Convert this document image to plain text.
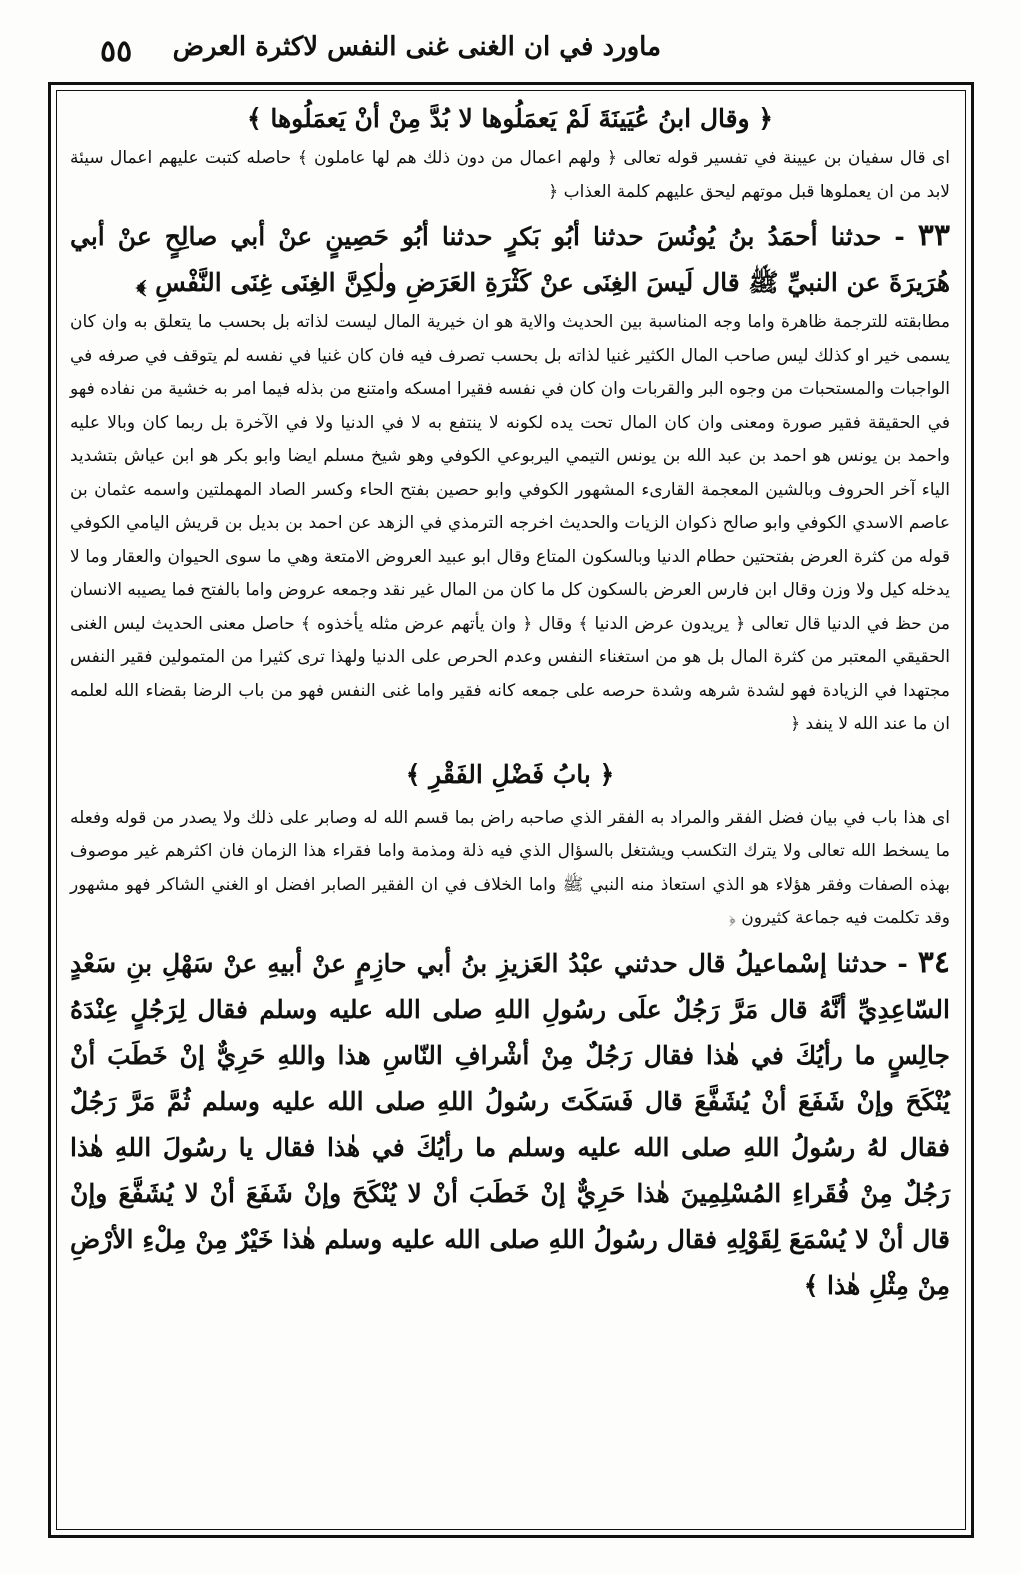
ماورد في ان الغنى غنى النفس لاكثرة العرض
٥٥

﴿ وقال ابنُ عُيَينَةَ لَمْ يَعمَلُوها لا بُدَّ مِنْ أنْ يَعمَلُوها ﴾

اى قال سفيان بن عيينة في تفسير قوله تعالى ﴿ ولهم اعمال من دون ذلك هم لها عاملون ﴾ حاصله كتبت عليهم اعمال سيئة لابد من ان يعملوها قبل موتهم ليحق عليهم كلمة العذاب ﴿

٣٣ - حدثنا أحمَدُ بنُ يُونُسَ حدثنا أبُو بَكرٍ حدثنا أبُو حَصِينٍ عنْ أبي صالِحٍ عنْ أبي هُرَيرَةَ عن النبيِّ ﷺ قال لَيسَ الغِنَى عنْ كَثْرَةِ العَرَضِ ولٰكِنَّ الغِنَى غِنَى النَّفْسِ ﴾

مطابقته للترجمة ظاهرة واما وجه المناسبة بين الحديث والاية هو ان خيرية المال ليست لذاته بل بحسب ما يتعلق به وان كان يسمى خير او كذلك ليس صاحب المال الكثير غنيا لذاته بل بحسب تصرف فيه فان كان غنيا في نفسه لم يتوقف في صرفه في الواجبات والمستحبات من وجوه البر والقربات وان كان في نفسه فقيرا امسكه وامتنع من بذله فيما امر به خشية من نفاده فهو في الحقيقة فقير صورة ومعنى وان كان المال تحت يده لكونه لا ينتفع به لا في الدنيا ولا في الآخرة بل ربما كان وبالا عليه واحمد بن يونس هو احمد بن عبد الله بن يونس التيمي اليربوعي الكوفي وهو شيخ مسلم ايضا وابو بكر هو ابن عياش بتشديد الياء آخر الحروف وبالشين المعجمة القارىء المشهور الكوفي وابو حصين بفتح الحاء وكسر الصاد المهملتين واسمه عثمان بن عاصم الاسدي الكوفي وابو صالح ذكوان الزيات والحديث اخرجه الترمذي في الزهد عن احمد بن بديل بن قريش اليامي الكوفي قوله من كثرة العرض بفتحتين حطام الدنيا وبالسكون المتاع وقال ابو عبيد العروض الامتعة وهي ما سوى الحيوان والعقار وما لا يدخله كيل ولا وزن وقال ابن فارس العرض بالسكون كل ما كان من المال غير نقد وجمعه عروض واما بالفتح فما يصيبه الانسان من حظ في الدنيا قال تعالى ﴿ يريدون عرض الدنيا ﴾ وقال ﴿ وان يأتهم عرض مثله يأخذوه ﴾ حاصل معنى الحديث ليس الغنى الحقيقي المعتبر من كثرة المال بل هو من استغناء النفس وعدم الحرص على الدنيا ولهذا ترى كثيرا من المتمولين فقير النفس مجتهدا في الزيادة فهو لشدة شرهه وشدة حرصه على جمعه كانه فقير واما غنى النفس فهو من باب الرضا بقضاء الله لعلمه ان ما عند الله لا ينفد ﴿

﴿ بابُ فَضْلِ الفَقْرِ ﴾

اى هذا باب في بيان فضل الفقر والمراد به الفقر الذي صاحبه راض بما قسم الله له وصابر على ذلك ولا يصدر من قوله وفعله ما يسخط الله تعالى ولا يترك التكسب ويشتغل بالسؤال الذي فيه ذلة ومذمة واما فقراء هذا الزمان فان اكثرهم غير موصوف بهذه الصفات وفقر هؤلاء هو الذي استعاذ منه النبي ﷺ واما الخلاف في ان الفقير الصابر افضل او الغني الشاكر فهو مشهور وقد تكلمت فيه جماعة كثيرون ﴿

٣٤ - حدثنا إسْماعيلُ قال حدثني عبْدُ العَزيزِ بنُ أبي حازِمٍ عنْ أبيهِ عنْ سَهْلِ بنِ سَعْدٍ السّاعِدِيِّ أنَّهُ قال مَرَّ رَجُلٌ علَى رسُولِ اللهِ صلى الله عليه وسلم فقال لِرَجُلٍ عِنْدَهُ جالِسٍ ما رأيُكَ في هٰذا فقال رَجُلٌ مِنْ أشْرافِ النّاسِ هذا واللهِ حَرِيٌّ إنْ خَطَبَ أنْ يُنْكَحَ وإنْ شَفَعَ أنْ يُشَفَّعَ قال فَسَكَتَ رسُولُ اللهِ صلى الله عليه وسلم ثُمَّ مَرَّ رَجُلٌ فقال لهُ رسُولُ اللهِ صلى الله عليه وسلم ما رأيُكَ في هٰذا فقال يا رسُولَ اللهِ هٰذا رَجُلٌ مِنْ فُقَراءِ المُسْلِمِينَ هٰذا حَرِيٌّ إنْ خَطَبَ أنْ لا يُنْكَحَ وإنْ شَفَعَ أنْ لا يُشَفَّعَ وإنْ قال أنْ لا يُسْمَعَ لِقَوْلِهِ فقال رسُولُ اللهِ صلى الله عليه وسلم هٰذا خَيْرٌ مِنْ مِلْءِ الأرْضِ مِنْ مِثْلِ هٰذا ﴾
